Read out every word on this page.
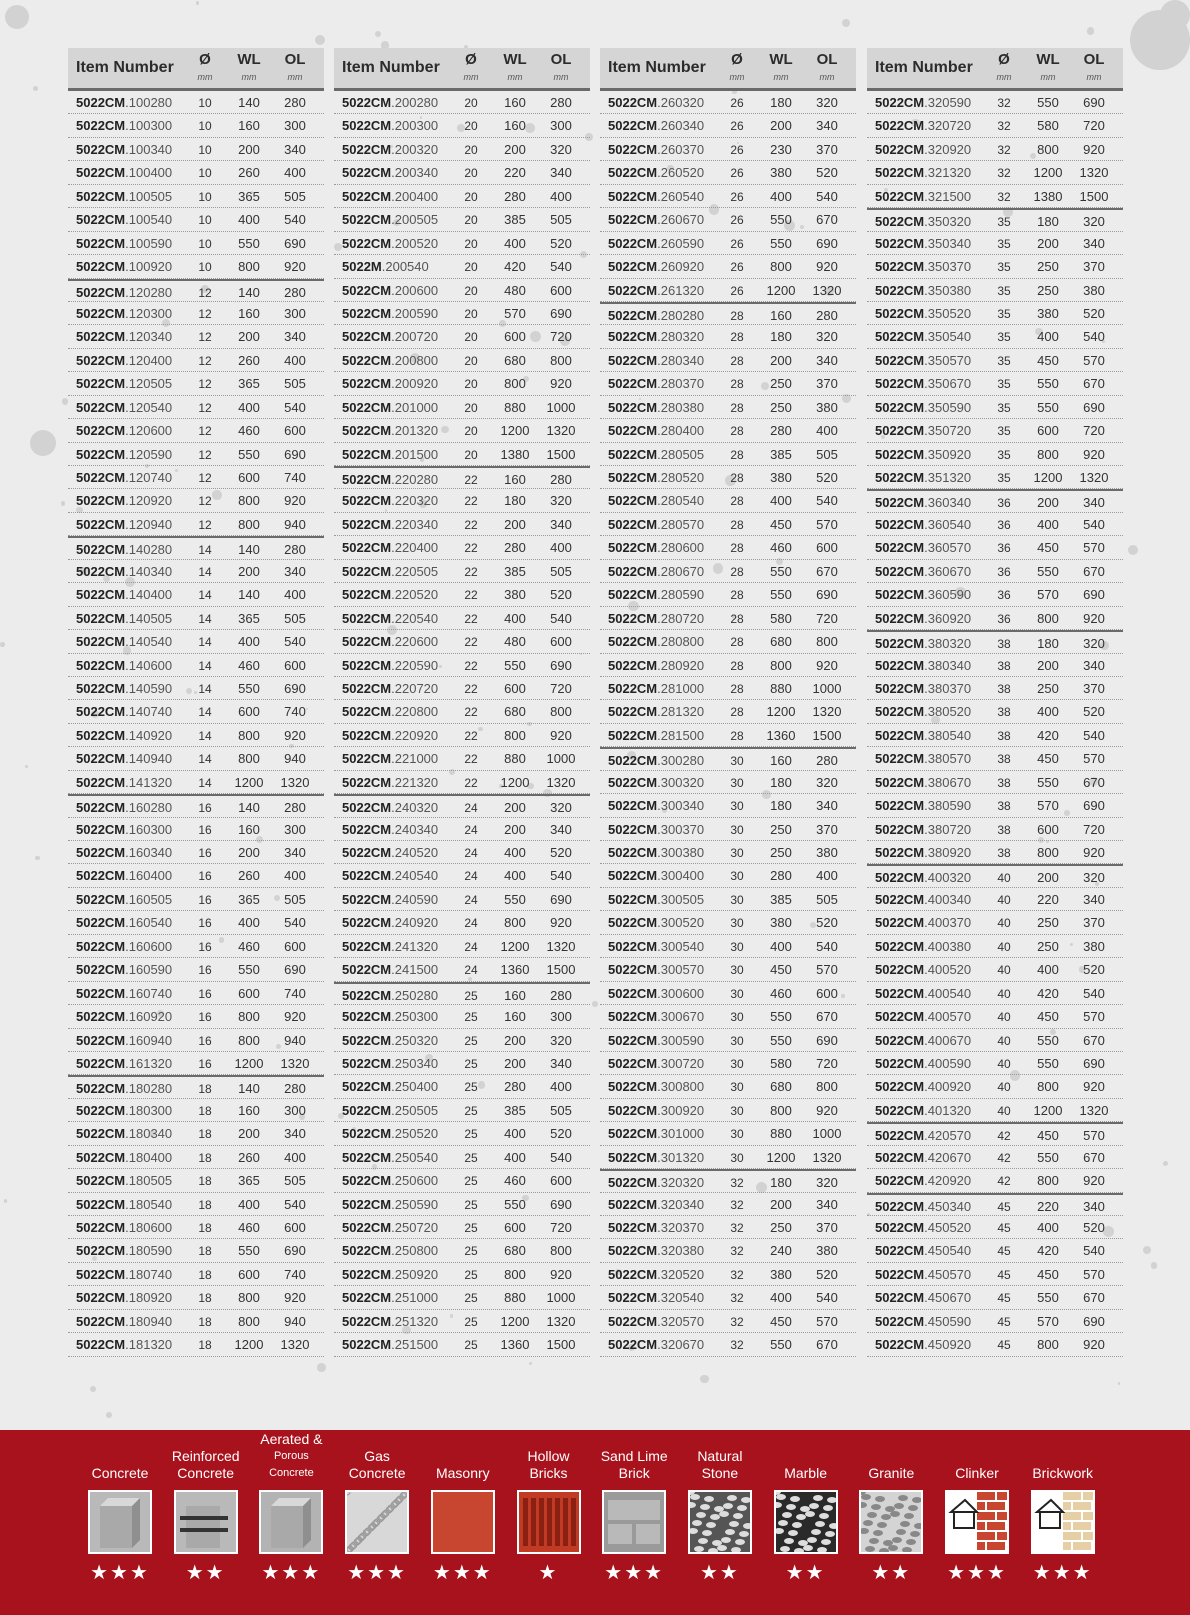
Item Number	Ø	WL	OL
mm	mm	mm
5022CM.100280	10	140	280
5022CM.100300	10	160	300
5022CM.100340	10	200	340
5022CM.100400	10	260	400
5022CM.100505	10	365	505
5022CM.100540	10	400	540
5022CM.100590	10	550	690
5022CM.100920	10	800	920
5022CM.120280	12	140	280
5022CM.120300	12	160	300
5022CM.120340	12	200	340
5022CM.120400	12	260	400
5022CM.120505	12	365	505
5022CM.120540	12	400	540
5022CM.120600	12	460	600
5022CM.120590	12	550	690
5022CM.120740	12	600	740
5022CM.120920	12	800	920
5022CM.120940	12	800	940
5022CM.140280	14	140	280
5022CM.140340	14	200	340
5022CM.140400	14	140	400
5022CM.140505	14	365	505
5022CM.140540	14	400	540
5022CM.140600	14	460	600
5022CM.140590	14	550	690
5022CM.140740	14	600	740
5022CM.140920	14	800	920
5022CM.140940	14	800	940
5022CM.141320	14	1200	1320
5022CM.160280	16	140	280
5022CM.160300	16	160	300
5022CM.160340	16	200	340
5022CM.160400	16	260	400
5022CM.160505	16	365	505
5022CM.160540	16	400	540
5022CM.160600	16	460	600
5022CM.160590	16	550	690
5022CM.160740	16	600	740
5022CM.160920	16	800	920
5022CM.160940	16	800	940
5022CM.161320	16	1200	1320
5022CM.180280	18	140	280
5022CM.180300	18	160	300
5022CM.180340	18	200	340
5022CM.180400	18	260	400
5022CM.180505	18	365	505
5022CM.180540	18	400	540
5022CM.180600	18	460	600
5022CM.180590	18	550	690
5022CM.180740	18	600	740
5022CM.180920	18	800	920
5022CM.180940	18	800	940
5022CM.181320	18	1200	1320
Item Number	Ø	WL	OL
mm	mm	mm
5022CM.200280	20	160	280
5022CM.200300	20	160	300
5022CM.200320	20	200	320
5022CM.200340	20	220	340
5022CM.200400	20	280	400
5022CM.200505	20	385	505
5022CM.200520	20	400	520
5022M.200540	20	420	540
5022CM.200600	20	480	600
5022CM.200590	20	570	690
5022CM.200720	20	600	720
5022CM.200800	20	680	800
5022CM.200920	20	800	920
5022CM.201000	20	880	1000
5022CM.201320	20	1200	1320
5022CM.201500	20	1380	1500
5022CM.220280	22	160	280
5022CM.220320	22	180	320
5022CM.220340	22	200	340
5022CM.220400	22	280	400
5022CM.220505	22	385	505
5022CM.220520	22	380	520
5022CM.220540	22	400	540
5022CM.220600	22	480	600
5022CM.220590	22	550	690
5022CM.220720	22	600	720
5022CM.220800	22	680	800
5022CM.220920	22	800	920
5022CM.221000	22	880	1000
5022CM.221320	22	1200	1320
5022CM.240320	24	200	320
5022CM.240340	24	200	340
5022CM.240520	24	400	520
5022CM.240540	24	400	540
5022CM.240590	24	550	690
5022CM.240920	24	800	920
5022CM.241320	24	1200	1320
5022CM.241500	24	1360	1500
5022CM.250280	25	160	280
5022CM.250300	25	160	300
5022CM.250320	25	200	320
5022CM.250340	25	200	340
5022CM.250400	25	280	400
5022CM.250505	25	385	505
5022CM.250520	25	400	520
5022CM.250540	25	400	540
5022CM.250600	25	460	600
5022CM.250590	25	550	690
5022CM.250720	25	600	720
5022CM.250800	25	680	800
5022CM.250920	25	800	920
5022CM.251000	25	880	1000
5022CM.251320	25	1200	1320
5022CM.251500	25	1360	1500
Item Number	Ø	WL	OL
mm	mm	mm
5022CM.260320	26	180	320
5022CM.260340	26	200	340
5022CM.260370	26	230	370
5022CM.260520	26	380	520
5022CM.260540	26	400	540
5022CM.260670	26	550	670
5022CM.260590	26	550	690
5022CM.260920	26	800	920
5022CM.261320	26	1200	1320
5022CM.280280	28	160	280
5022CM.280320	28	180	320
5022CM.280340	28	200	340
5022CM.280370	28	250	370
5022CM.280380	28	250	380
5022CM.280400	28	280	400
5022CM.280505	28	385	505
5022CM.280520	28	380	520
5022CM.280540	28	400	540
5022CM.280570	28	450	570
5022CM.280600	28	460	600
5022CM.280670	28	550	670
5022CM.280590	28	550	690
5022CM.280720	28	580	720
5022CM.280800	28	680	800
5022CM.280920	28	800	920
5022CM.281000	28	880	1000
5022CM.281320	28	1200	1320
5022CM.281500	28	1360	1500
5022CM.300280	30	160	280
5022CM.300320	30	180	320
5022CM.300340	30	180	340
5022CM.300370	30	250	370
5022CM.300380	30	250	380
5022CM.300400	30	280	400
5022CM.300505	30	385	505
5022CM.300520	30	380	520
5022CM.300540	30	400	540
5022CM.300570	30	450	570
5022CM.300600	30	460	600
5022CM.300670	30	550	670
5022CM.300590	30	550	690
5022CM.300720	30	580	720
5022CM.300800	30	680	800
5022CM.300920	30	800	920
5022CM.301000	30	880	1000
5022CM.301320	30	1200	1320
5022CM.320320	32	180	320
5022CM.320340	32	200	340
5022CM.320370	32	250	370
5022CM.320380	32	240	380
5022CM.320520	32	380	520
5022CM.320540	32	400	540
5022CM.320570	32	450	570
5022CM.320670	32	550	670
Item Number	Ø	WL	OL
mm	mm	mm
5022CM.320590	32	550	690
5022CM.320720	32	580	720
5022CM.320920	32	800	920
5022CM.321320	32	1200	1320
5022CM.321500	32	1380	1500
5022CM.350320	35	180	320
5022CM.350340	35	200	340
5022CM.350370	35	250	370
5022CM.350380	35	250	380
5022CM.350520	35	380	520
5022CM.350540	35	400	540
5022CM.350570	35	450	570
5022CM.350670	35	550	670
5022CM.350590	35	550	690
5022CM.350720	35	600	720
5022CM.350920	35	800	920
5022CM.351320	35	1200	1320
5022CM.360340	36	200	340
5022CM.360540	36	400	540
5022CM.360570	36	450	570
5022CM.360670	36	550	670
5022CM.360590	36	570	690
5022CM.360920	36	800	920
5022CM.380320	38	180	320
5022CM.380340	38	200	340
5022CM.380370	38	250	370
5022CM.380520	38	400	520
5022CM.380540	38	420	540
5022CM.380570	38	450	570
5022CM.380670	38	550	670
5022CM.380590	38	570	690
5022CM.380720	38	600	720
5022CM.380920	38	800	920
5022CM.400320	40	200	320
5022CM.400340	40	220	340
5022CM.400370	40	250	370
5022CM.400380	40	250	380
5022CM.400520	40	400	520
5022CM.400540	40	420	540
5022CM.400570	40	450	570
5022CM.400670	40	550	670
5022CM.400590	40	550	690
5022CM.400920	40	800	920
5022CM.401320	40	1200	1320
5022CM.420570	42	450	570
5022CM.420670	42	550	670
5022CM.420920	42	800	920
5022CM.450340	45	220	340
5022CM.450520	45	400	520
5022CM.450540	45	420	540
5022CM.450570	45	450	570
5022CM.450670	45	550	670
5022CM.450590	45	570	690
5022CM.450920	45	800	920
Concrete
★★★
Reinforced
Concrete
★★
Aerated &
Porous Concrete
★★★
Gas
Concrete
★★★
Masonry
★★★
Hollow
Bricks
★
Sand Lime
Brick
★★★
Natural
Stone
★★
Marble
★★
Granite
★★
Clinker
★★★
Brickwork
★★★
